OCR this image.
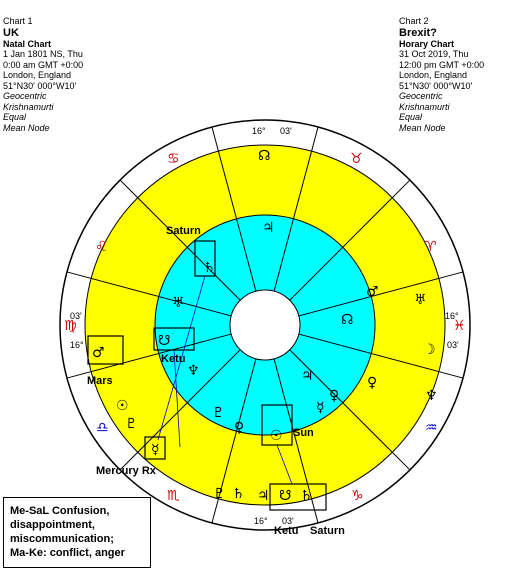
Chart 1
UK
Natal Chart
1 Jan 1801 NS, Thu
0:00 am GMT +0:00
London, England
51°N30' 000°W10'
Geocentric
Krishnamurti
Equal
Mean Node
Chart 2
Brexit?
Horary Chart
31 Oct 2019, Thu
12:00 pm GMT +0:00
London, England
51°N30' 000°W10'
Geocentric
Krishnamurti
Equal
Mean Node
16° 03'
16° 03'
03'
16°
16°
03'
♌
♋	♉
♈
♍	♓
♎	♒
♏	♑
☊
♂	♅
☊
☽
♆
♀
♀
♃
♄
♅
☋
♂
☉
♇
☿
♆
♇
♀ ☉
♄
♇	☋ ♄
♃
☿
♃
Saturn
Ketu
Mars
Mercury Rx
Sun
Ketu Saturn
Me-SaL Confusion,
disappointment,
miscommunication;
Ma-Ke: conflict, anger
